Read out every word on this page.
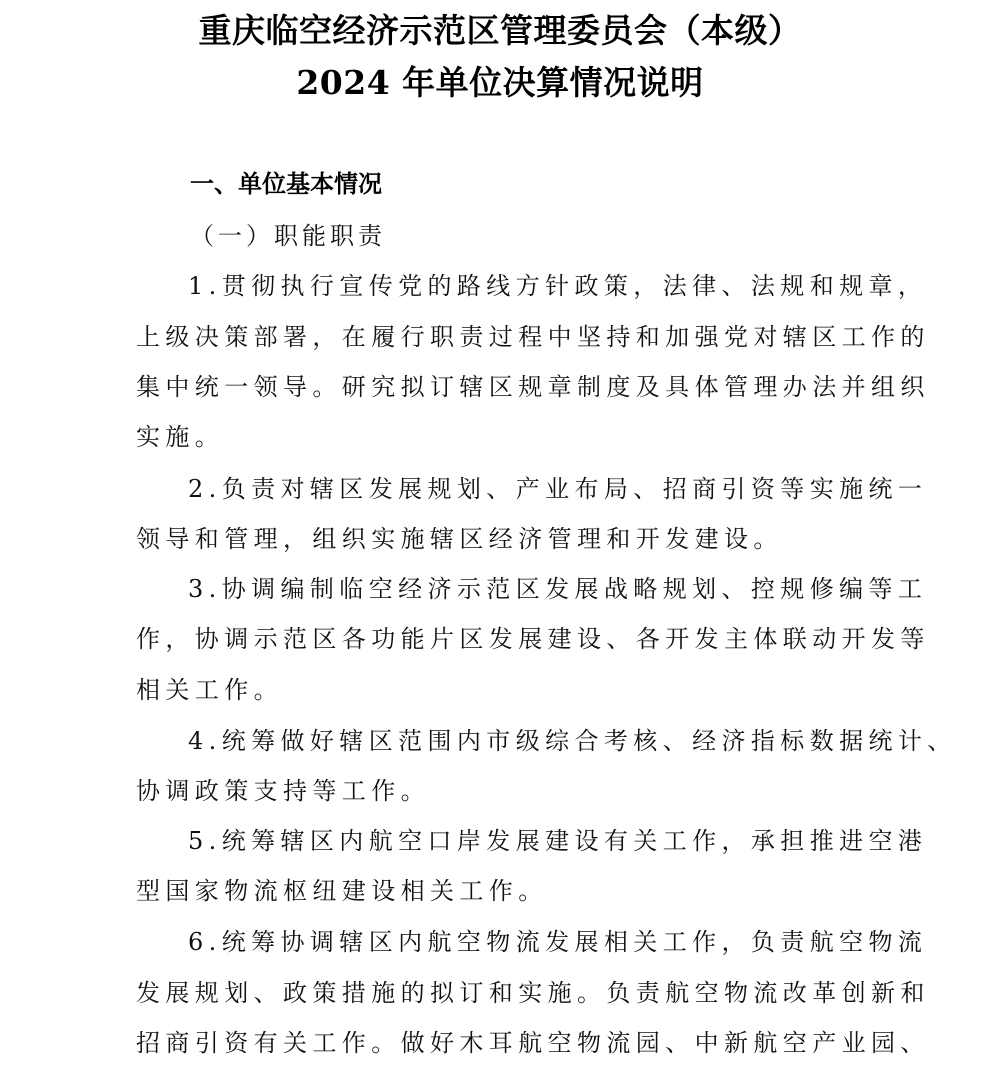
重庆临空经济示范区管理委员会（本级）
2024 年单位决算情况说明
一、单位基本情况
（一）职能职责
1.贯彻执行宣传党的路线方针政策，法律、法规和规章，
上级决策部署，在履行职责过程中坚持和加强党对辖区工作的
集中统一领导。研究拟订辖区规章制度及具体管理办法并组织
实施。
2.负责对辖区发展规划、产业布局、招商引资等实施统一
领导和管理，组织实施辖区经济管理和开发建设。
3.协调编制临空经济示范区发展战略规划、控规修编等工
作，协调示范区各功能片区发展建设、各开发主体联动开发等
相关工作。
4.统筹做好辖区范围内市级综合考核、经济指标数据统计、
协调政策支持等工作。
5.统筹辖区内航空口岸发展建设有关工作，承担推进空港
型国家物流枢纽建设相关工作。
6.统筹协调辖区内航空物流发展相关工作，负责航空物流
发展规划、政策措施的拟订和实施。负责航空物流改革创新和
招商引资有关工作。做好木耳航空物流园、中新航空产业园、
